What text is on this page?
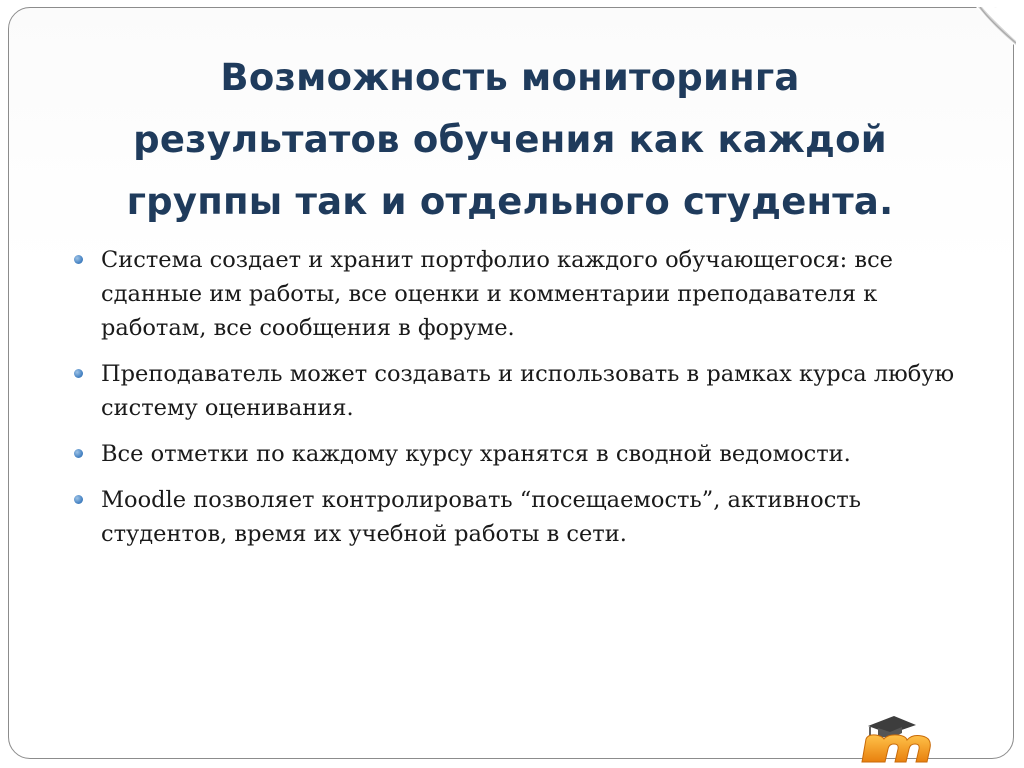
Возможность мониторинга
результатов обучения как каждой
группы так и отдельного студента.
Система создает и хранит портфолио каждого обучающегося: все сданные им работы, все оценки и комментарии преподавателя к работам, все сообщения в форуме.
Преподаватель может создавать и использовать в рамках курса любую систему оценивания.
Все отметки по каждому курсу хранятся в сводной ведомости.
Moodle позволяет контролировать “посещаемость”, активность студентов, время их учебной работы в сети.
